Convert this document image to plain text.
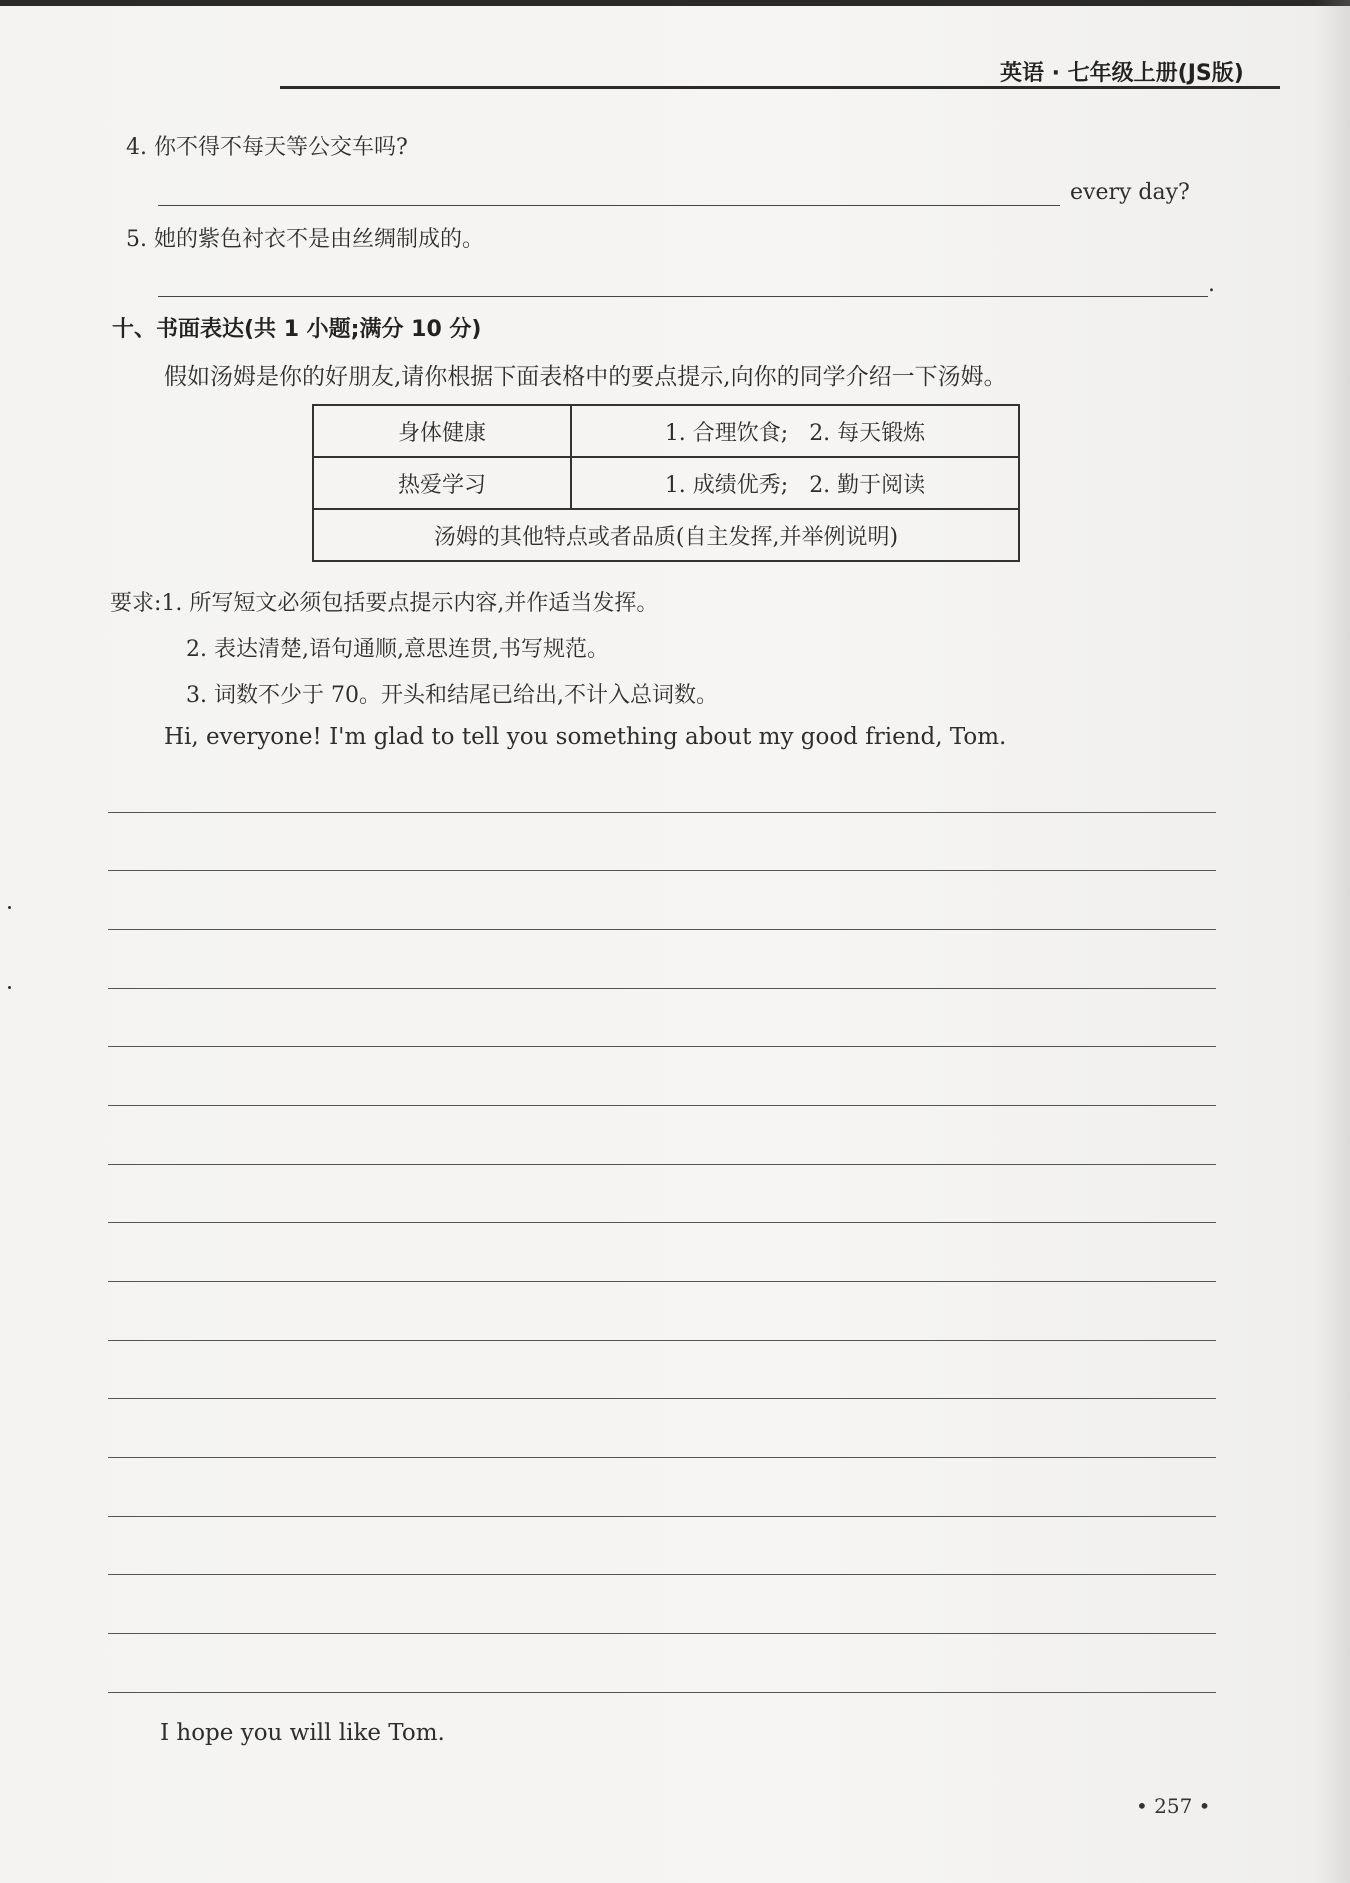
英语 · 七年级上册(JS版)
4. 你不得不每天等公交车吗?
every day?
5. 她的紫色衬衣不是由丝绸制成的。
.
十、书面表达(共 1 小题;满分 10 分)
假如汤姆是你的好朋友,请你根据下面表格中的要点提示,向你的同学介绍一下汤姆。
身体健康	1. 合理饮食;   2. 每天锻炼
热爱学习	1. 成绩优秀;   2. 勤于阅读
汤姆的其他特点或者品质(自主发挥,并举例说明)	
要求:1. 所写短文必须包括要点提示内容,并作适当发挥。
2. 表达清楚,语句通顺,意思连贯,书写规范。
3. 词数不少于 70。开头和结尾已给出,不计入总词数。
Hi, everyone! I'm glad to tell you something about my good friend, Tom.
I hope you will like Tom.
• 257 •
